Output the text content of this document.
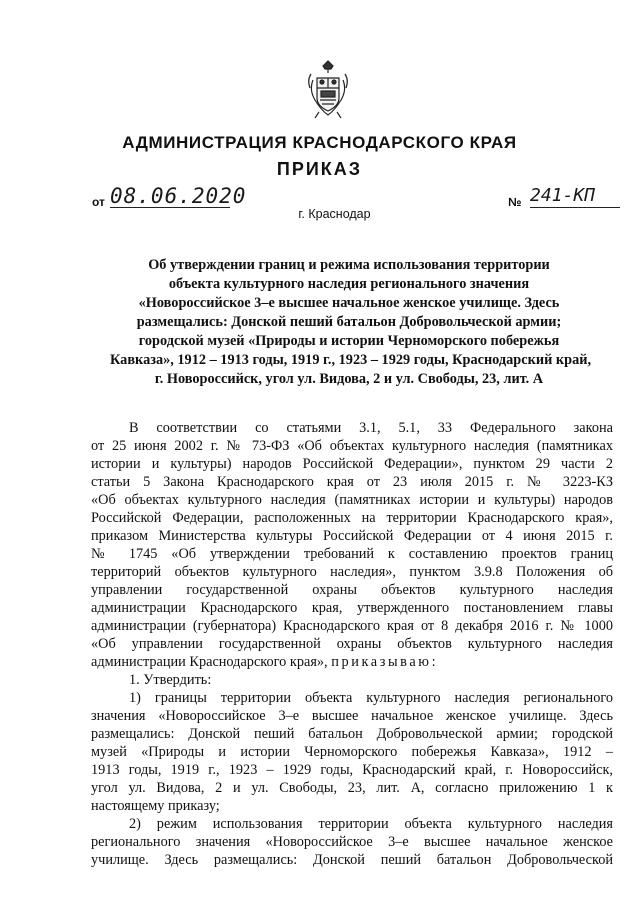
АДМИНИСТРАЦИЯ КРАСНОДАРСКОГО КРАЯ
ПРИКАЗ
от 08.06.2020	№ 241-КП
г. Краснодар
Об утверждении границ и режима использования территории
объекта культурного наследия регионального значения
«Новороссийское 3–е высшее начальное женское училище. Здесь
размещались: Донской пеший батальон Добровольческой армии;
городской музей «Природы и истории Черноморского побережья
Кавказа», 1912 – 1913 годы, 1919 г., 1923 – 1929 годы, Краснодарский край,
г. Новороссийск, угол ул. Видова, 2 и ул. Свободы, 23, лит. А

В соответствии со статьями 3.1, 5.1, 33 Федерального закона
от 25 июня 2002 г. № 73-ФЗ «Об объектах культурного наследия (памятниках
истории и культуры) народов Российской Федерации», пунктом 29 части 2
статьи 5 Закона Краснодарского края от 23 июля 2015 г. № 3223-КЗ
«Об объектах культурного наследия (памятниках истории и культуры) народов
Российской Федерации, расположенных на территории Краснодарского края»,
приказом Министерства культуры Российской Федерации от 4 июня 2015 г.
№ 1745 «Об утверждении требований к составлению проектов границ
территорий объектов культурного наследия», пунктом 3.9.8 Положения об
управлении государственной охраны объектов культурного наследия
администрации Краснодарского края, утвержденного постановлением главы
администрации (губернатора) Краснодарского края от 8 декабря 2016 г. № 1000
«Об управлении государственной охраны объектов культурного наследия
администрации Краснодарского края», приказываю:

1. Утвердить:

1) границы территории объекта культурного наследия регионального
значения «Новороссийское 3–е высшее начальное женское училище. Здесь
размещались: Донской пеший батальон Добровольческой армии; городской
музей «Природы и истории Черноморского побережья Кавказа», 1912 –
1913 годы, 1919 г., 1923 – 1929 годы, Краснодарский край, г. Новороссийск,
угол ул. Видова, 2 и ул. Свободы, 23, лит. А, согласно приложению 1 к
настоящему приказу;

2) режим использования территории объекта культурного наследия
регионального значения «Новороссийское 3–е высшее начальное женское
училище. Здесь размещались: Донской пеший батальон Добровольческой
